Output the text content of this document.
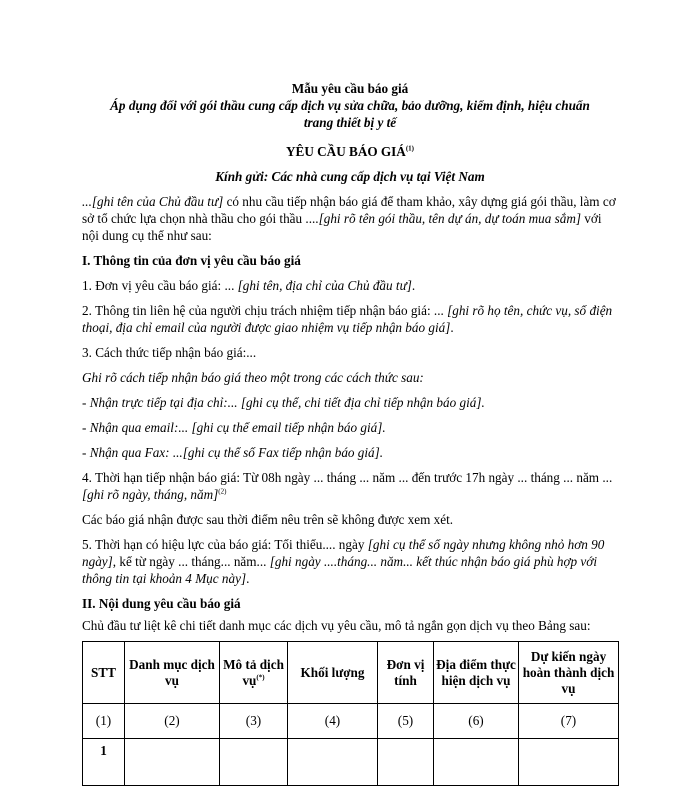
Mẫu yêu cầu báo giá
Áp dụng đối với gói thầu cung cấp dịch vụ sửa chữa, bảo dưỡng, kiểm định, hiệu chuẩn
trang thiết bị y tế
YÊU CẦU BÁO GIÁ$^{(1)}$
Kính gửi: Các nhà cung cấp dịch vụ tại Việt Nam

...[ghi tên của Chủ đầu tư] có nhu cầu tiếp nhận báo giá để tham khảo, xây dựng giá gói thầu, làm cơ sở tổ chức lựa chọn nhà thầu cho gói thầu ....[ghi rõ tên gói thầu, tên dự án, dự toán mua sắm] với nội dung cụ thể như sau:

I. Thông tin của đơn vị yêu cầu báo giá

1. Đơn vị yêu cầu báo giá: ... [ghi tên, địa chỉ của Chủ đầu tư].

2. Thông tin liên hệ của người chịu trách nhiệm tiếp nhận báo giá: ... [ghi rõ họ tên, chức vụ, số điện thoại, địa chỉ email của người được giao nhiệm vụ tiếp nhận báo giá].

3. Cách thức tiếp nhận báo giá:...

Ghi rõ cách tiếp nhận báo giá theo một trong các cách thức sau:

- Nhận trực tiếp tại địa chỉ:... [ghi cụ thể, chi tiết địa chỉ tiếp nhận báo giá].

- Nhận qua email:... [ghi cụ thể email tiếp nhận báo giá].

- Nhận qua Fax: ...[ghi cụ thể số Fax tiếp nhận báo giá].

4. Thời hạn tiếp nhận báo giá: Từ 08h ngày ... tháng ... năm ... đến trước 17h ngày ... tháng ... năm ... [ghi rõ ngày, tháng, năm]$^{(2)}$

Các báo giá nhận được sau thời điểm nêu trên sẽ không được xem xét.

5. Thời hạn có hiệu lực của báo giá: Tối thiểu.... ngày [ghi cụ thể số ngày nhưng không nhỏ hơn 90 ngày], kể từ ngày ... tháng... năm... [ghi ngày ....tháng... năm... kết thúc nhận báo giá phù hợp với thông tin tại khoản 4 Mục này].

II. Nội dung yêu cầu báo giá

Chủ đầu tư liệt kê chi tiết danh mục các dịch vụ yêu cầu, mô tả ngắn gọn dịch vụ theo Bảng sau:

STT	Danh mục dịch vụ	Mô tả dịch vụ(*)	Khối lượng	Đơn vị tính	Địa điểm thực hiện dịch vụ	Dự kiến ngày hoàn thành dịch vụ
(1)	(2)	(3)	(4)	(5)	(6)	(7)
1						
